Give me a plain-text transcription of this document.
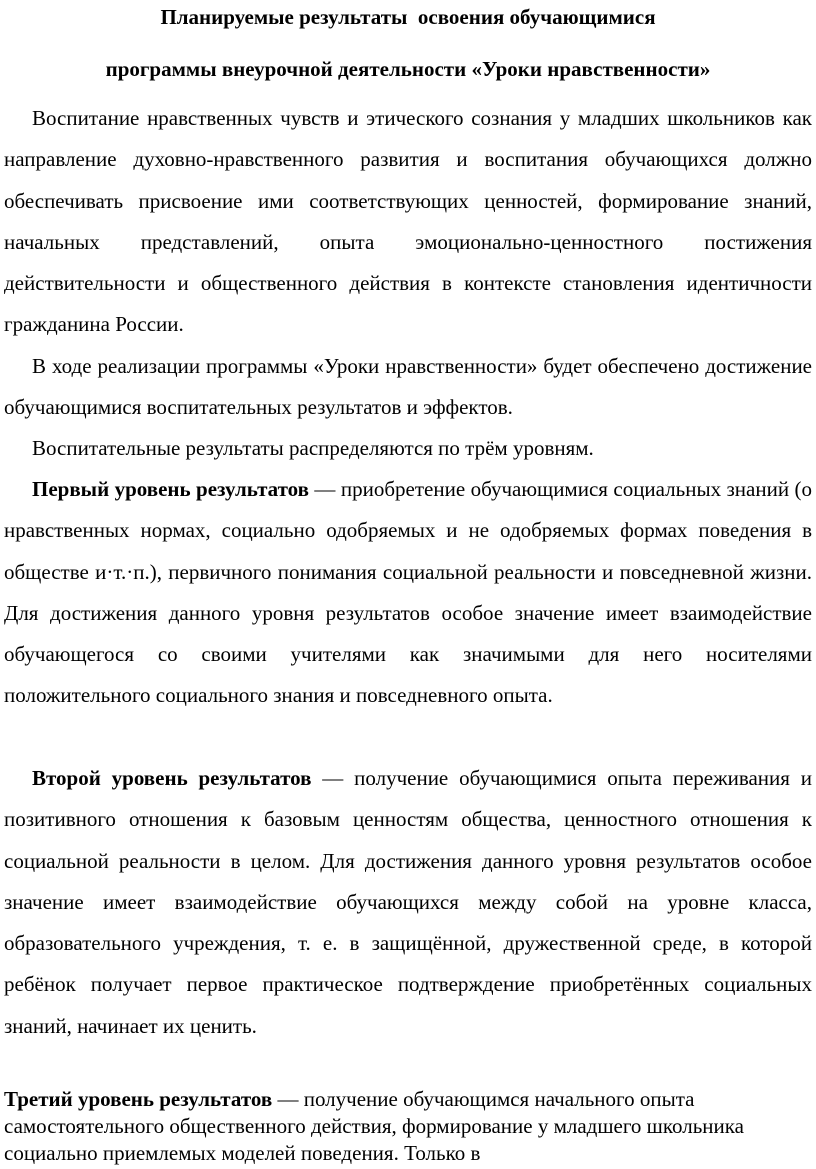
Планируемые результаты  освоения обучающимися

программы внеурочной деятельности «Уроки нравственности»

Воспитание нравственных чувств и этического сознания у младших школьников как направление духовно-нравственного развития и воспитания обучающихся должно обеспечивать присвоение ими соответствующих ценностей, формирование знаний, начальных представлений, опыта эмоционально-ценностного постижения действительности и общественного действия в контексте становления идентичности гражданина России.

В ходе реализации программы «Уроки нравственности» будет обеспечено достижение обучающимися воспитательных результатов и эффектов.

Воспитательные результаты распределяются по трём уровням.

Первый уровень результатов — приобретение обучающимися социальных знаний (о нравственных нормах, социально одобряемых и не одобряемых формах поведения в обществе и·т.·п.), первичного понимания социальной реальности и повседневной жизни. Для достижения данного уровня результатов особое значение имеет взаимодействие обучающегося со своими учителями как значимыми для него носителями положительного социального знания и повседневного опыта.

Второй уровень результатов — получение обучающимися опыта переживания и позитивного отношения к базовым ценностям общества, ценностного отношения к социальной реальности в целом. Для достижения данного уровня результатов особое значение имеет взаимодействие обучающихся между собой на уровне класса, образовательного учреждения, т. е. в защищённой, дружественной среде, в которой ребёнок получает первое практическое подтверждение приобретённых социальных знаний, начинает их ценить.

Третий уровень результатов — получение обучающимся начального опыта самостоятельного общественного действия, формирование у младшего школьника социально приемлемых моделей поведения. Только в
